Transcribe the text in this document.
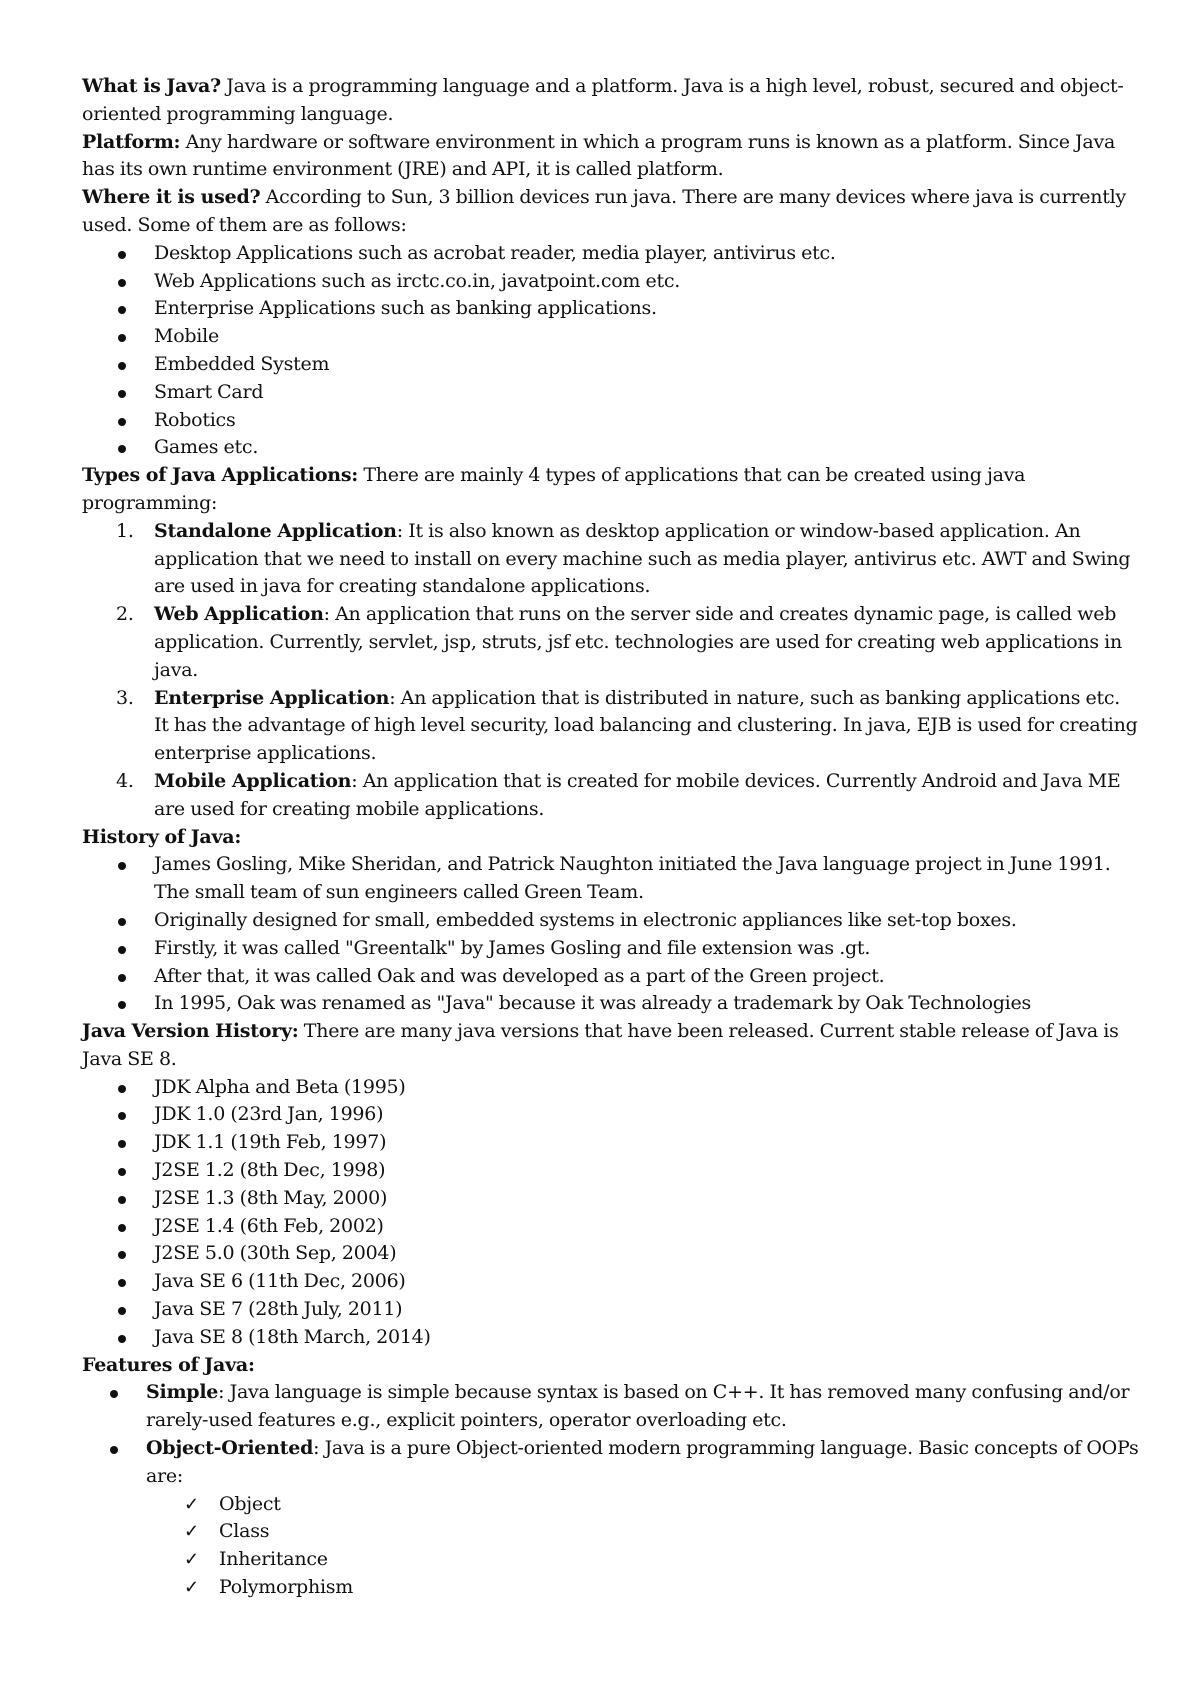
What is Java? Java is a programming language and a platform. Java is a high level, robust, secured and object-oriented programming language.

Platform: Any hardware or software environment in which a program runs is known as a platform. Since Java has its own runtime environment (JRE) and API, it is called platform.

Where it is used? According to Sun, 3 billion devices run java. There are many devices where java is currently used. Some of them are as follows:

Desktop Applications such as acrobat reader, media player, antivirus etc.
Web Applications such as irctc.co.in, javatpoint.com etc.
Enterprise Applications such as banking applications.
Mobile
Embedded System
Smart Card
Robotics
Games etc.

Types of Java Applications: There are mainly 4 types of applications that can be created using java programming:

1.	Standalone Application: It is also known as desktop application or window-based application. An application that we need to install on every machine such as media player, antivirus etc. AWT and Swing are used in java for creating standalone applications.
2.	Web Application: An application that runs on the server side and creates dynamic page, is called web application. Currently, servlet, jsp, struts, jsf etc. technologies are used for creating web applications in java.
3.	Enterprise Application: An application that is distributed in nature, such as banking applications etc. It has the advantage of high level security, load balancing and clustering. In java, EJB is used for creating enterprise applications.
4.	Mobile Application: An application that is created for mobile devices. Currently Android and Java ME are used for creating mobile applications.

History of Java:

James Gosling, Mike Sheridan, and Patrick Naughton initiated the Java language project in June 1991. The small team of sun engineers called Green Team.
Originally designed for small, embedded systems in electronic appliances like set-top boxes.
Firstly, it was called "Greentalk" by James Gosling and file extension was .gt.
After that, it was called Oak and was developed as a part of the Green project.
In 1995, Oak was renamed as "Java" because it was already a trademark by Oak Technologies

Java Version History: There are many java versions that have been released. Current stable release of Java is Java SE 8.

JDK Alpha and Beta (1995)
JDK 1.0 (23rd Jan, 1996)
JDK 1.1 (19th Feb, 1997)
J2SE 1.2 (8th Dec, 1998)
J2SE 1.3 (8th May, 2000)
J2SE 1.4 (6th Feb, 2002)
J2SE 5.0 (30th Sep, 2004)
Java SE 6 (11th Dec, 2006)
Java SE 7 (28th July, 2011)
Java SE 8 (18th March, 2014)

Features of Java:

Simple: Java language is simple because syntax is based on C++. It has removed many confusing and/or rarely-used features e.g., explicit pointers, operator overloading etc.
Object-Oriented: Java is a pure Object-oriented modern programming language. Basic concepts of OOPs are:
✓ Object
✓ Class
✓ Inheritance
✓ Polymorphism
